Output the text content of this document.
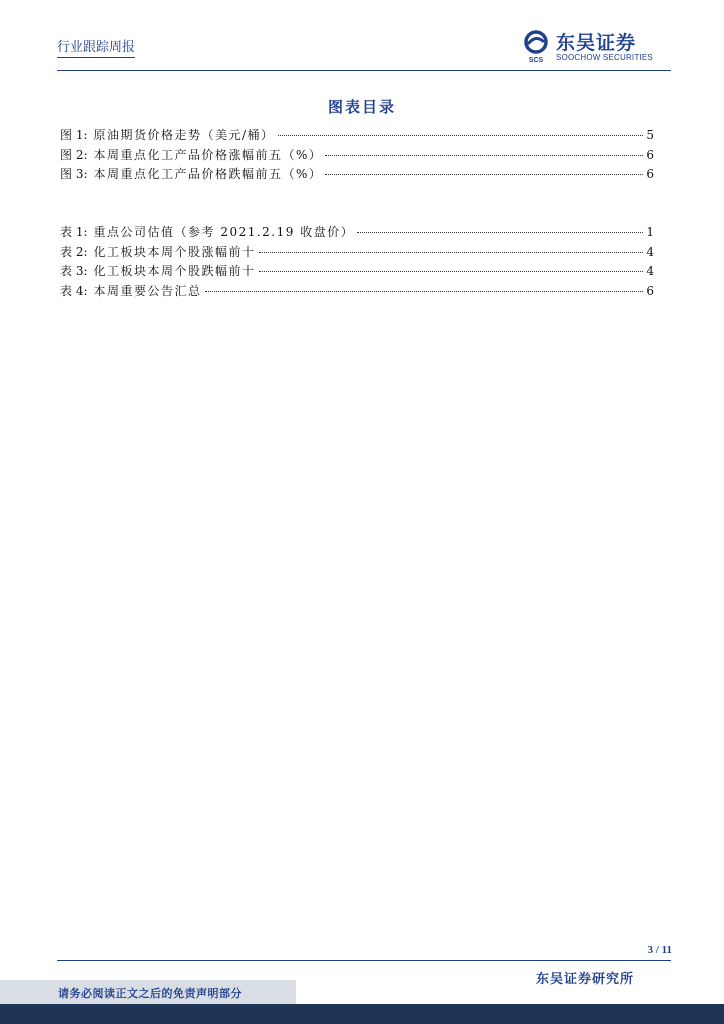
行业跟踪周报
SCS
东吴证券
SOOCHOW SECURITIES
图表目录
图 1: 原油期货价格走势（美元/桶）	5
图 2: 本周重点化工产品价格涨幅前五（%）	6
图 3: 本周重点化工产品价格跌幅前五（%）	6
表 1: 重点公司估值（参考 2021.2.19 收盘价）	1
表 2: 化工板块本周个股涨幅前十	4
表 3: 化工板块本周个股跌幅前十	4
表 4: 本周重要公告汇总	6
3 / 11
东吴证券研究所
请务必阅读正文之后的免责声明部分
